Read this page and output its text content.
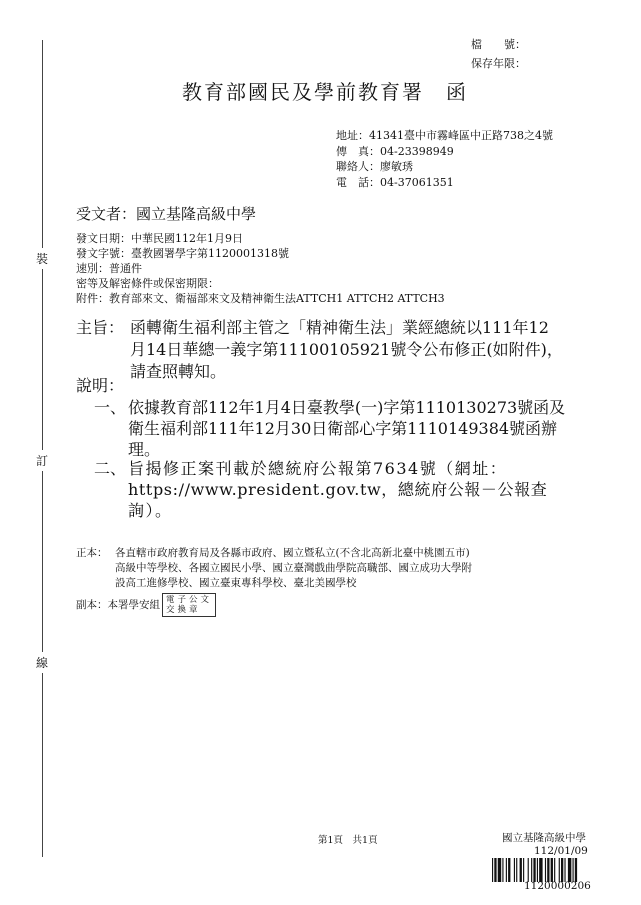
裝
訂
線
檔　　號：
保存年限：
教育部國民及學前教育署 函
地址：41341臺中市霧峰區中正路738之4號
傳　真：04-23398949
聯絡人：廖敏琇
電　話：04-37061351
受文者：國立基隆高級中學
發文日期：中華民國112年1月9日
發文字號：臺教國署學字第1120001318號
速別：普通件
密等及解密條件或保密期限：
附件：教育部來文、衛福部來文及精神衛生法ATTCH1 ATTCH2 ATTCH3
主旨： 函轉衛生福利部主管之「精神衛生法」業經總統以111年12
月14日華總一義字第11100105921號令公布修正(如附件)，
請查照轉知。
說明：
一、 依據教育部112年1月4日臺教學(一)字第1110130273號函及
衛生福利部111年12月30日衛部心字第1110149384號函辦
理。
二、 旨揭修正案刊載於總統府公報第7634號（網址：
https://www.president.gov.tw，總統府公報－公報查
詢）。
正本： 各直轄市政府教育局及各縣市政府、國立暨私立(不含北高新北臺中桃園五市)
高級中等學校、各國立國民小學、國立臺灣戲曲學院高職部、國立成功大學附
設高工進修學校、國立臺東專科學校、臺北美國學校
副本：本署學安組 電子公文
交換章
第1頁　共1頁	國立基隆高級中學
112/01/09
1120000206
